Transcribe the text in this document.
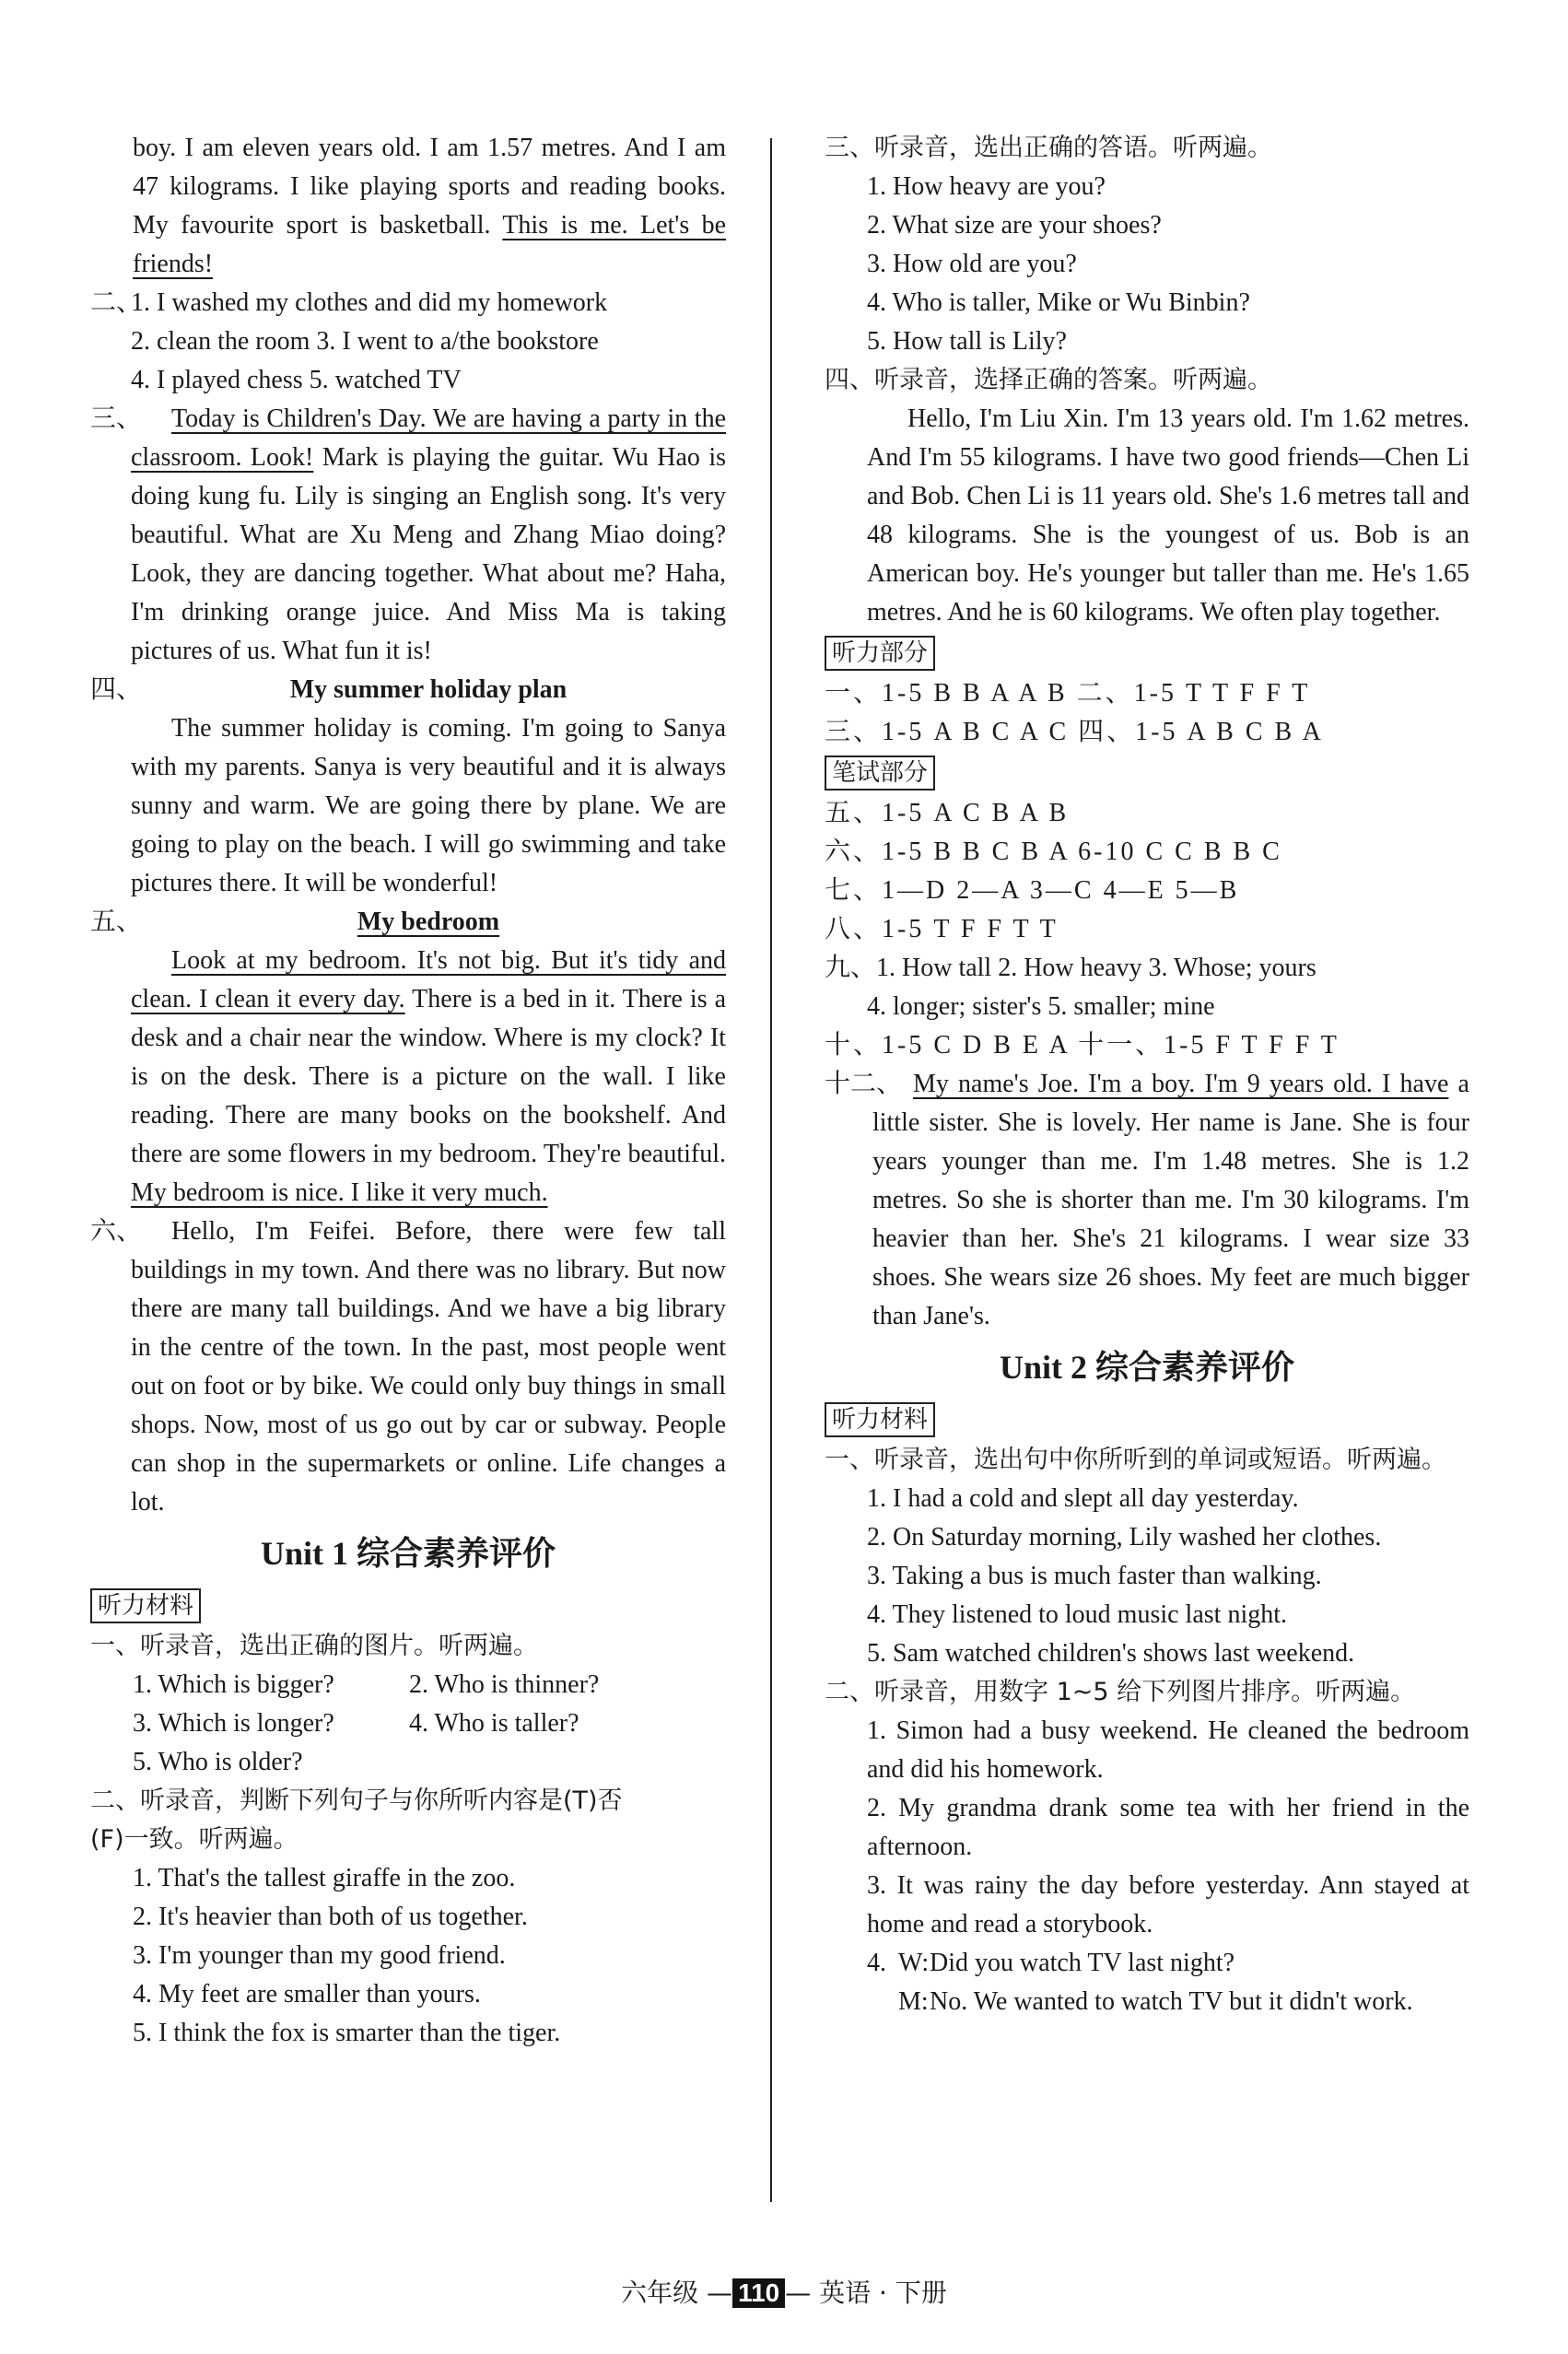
boy. I am eleven years old. I am 1.57 metres. And I am 47 kilograms. I like playing sports and reading books. My favourite sport is basketball. This is me. Let's be friends!
二、
1. I washed my clothes and did my homework
2. clean the room 3. I went to a/the bookstore
4. I played chess 5. watched TV
三、	Today is Children's Day. We are having a party in the classroom. Look! Mark is playing the guitar. Wu Hao is doing kung fu. Lily is singing an English song. It's very beautiful. What are Xu Meng and Zhang Miao doing? Look, they are dancing together. What about me? Haha, I'm drinking orange juice. And Miss Ma is taking pictures of us. What fun it is!
四、	My summer holiday plan
The summer holiday is coming. I'm going to Sanya with my parents. Sanya is very beautiful and it is always sunny and warm. We are going there by plane. We are going to play on the beach. I will go swimming and take pictures there. It will be wonderful!
五、	My bedroom
Look at my bedroom. It's not big. But it's tidy and clean. I clean it every day. There is a bed in it. There is a desk and a chair near the window. Where is my clock? It is on the desk. There is a picture on the wall. I like reading. There are many books on the bookshelf. And there are some flowers in my bedroom. They're beautiful. My bedroom is nice. I like it very much.
六、	Hello, I'm Feifei. Before, there were few tall buildings in my town. And there was no library. But now there are many tall buildings. And we have a big library in the centre of the town. In the past, most people went out on foot or by bike. We could only buy things in small shops. Now, most of us go out by car or subway. People can shop in the supermarkets or online. Life changes a lot.
Unit 1 综合素养评价
听力材料
一、听录音，选出正确的图片。听两遍。
1. Which is bigger?	2. Who is thinner?
3. Which is longer?	4. Who is taller?
5. Who is older?
二、听录音，判断下列句子与你所听内容是(T)否
(F)一致。听两遍。
1. That's the tallest giraffe in the zoo.
2. It's heavier than both of us together.
3. I'm younger than my good friend.
4. My feet are smaller than yours.
5. I think the fox is smarter than the tiger.
三、听录音，选出正确的答语。听两遍。
1. How heavy are you?
2. What size are your shoes?
3. How old are you?
4. Who is taller, Mike or Wu Binbin?
5. How tall is Lily?
四、听录音，选择正确的答案。听两遍。
Hello, I'm Liu Xin. I'm 13 years old. I'm 1.62 metres. And I'm 55 kilograms. I have two good friends—Chen Li and Bob. Chen Li is 11 years old. She's 1.6 metres tall and 48 kilograms. She is the youngest of us. Bob is an American boy. He's younger but taller than me. He's 1.65 metres. And he is 60 kilograms. We often play together.
听力部分
一、1-5 B B A A B 二、1-5 T T F F T
三、1-5 A B C A C 四、1-5 A B C B A
笔试部分
五、1-5 A C B A B
六、1-5 B B C B A 6-10 C C B B C
七、1—D 2—A 3—C 4—E 5—B
八、1-5 T F F T T
九、1. How tall 2. How heavy 3. Whose; yours
4. longer; sister's 5. smaller; mine
十、1-5 C D B E A 十一、1-5 F T F F T
十二、 My name's Joe. I'm a boy. I'm 9 years old. I have a little sister. She is lovely. Her name is Jane. She is four years younger than me. I'm 1.48 metres. She is 1.2 metres. So she is shorter than me. I'm 30 kilograms. I'm heavier than her. She's 21 kilograms. I wear size 33 shoes. She wears size 26 shoes. My feet are much bigger than Jane's.
Unit 2 综合素养评价
听力材料
一、听录音，选出句中你所听到的单词或短语。听两遍。
1. I had a cold and slept all day yesterday.
2. On Saturday morning, Lily washed her clothes.
3. Taking a bus is much faster than walking.
4. They listened to loud music last night.
5. Sam watched children's shows last weekend.
二、听录音，用数字 1~5 给下列图片排序。听两遍。
1. Simon had a busy weekend. He cleaned the bedroom and did his homework.
2. My grandma drank some tea with her friend in the afternoon.
3. It was rainy the day before yesterday. Ann stayed at home and read a storybook.
4. W: Did you watch TV last night?
M: No. We wanted to watch TV but it didn't work.
六年级 — 110 — 英语 · 下册
